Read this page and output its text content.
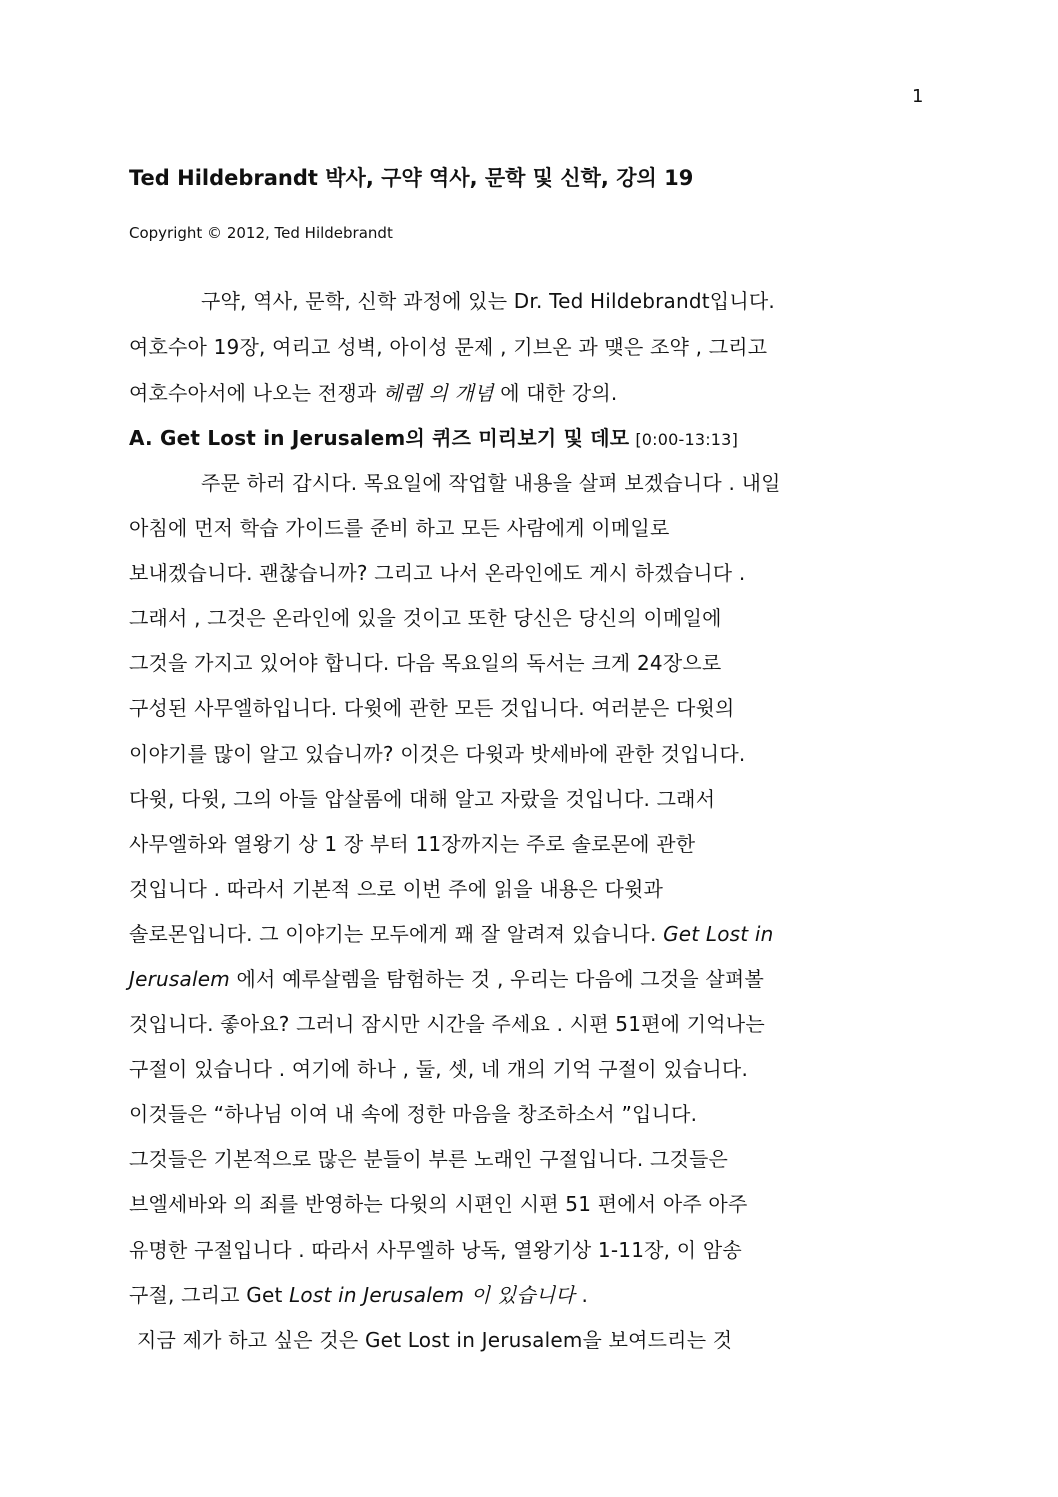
1
Ted Hildebrandt 박사, 구약 역사, 문학 및 신학, 강의 19
Copyright © 2012, Ted Hildebrandt
구약, 역사, 문학, 신학 과정에 있는 Dr. Ted Hildebrandt입니다.
여호수아 19장, 여리고 성벽, 아이성 문제 , 기브온 과 맺은 조약 , 그리고
여호수아서에 나오는 전쟁과 헤렘 의 개념 에 대한 강의.
A. Get Lost in Jerusalem의 퀴즈 미리보기 및 데모 [0:00-13:13]
주문 하러 갑시다. 목요일에 작업할 내용을 살펴 보겠습니다 . 내일
아침에 먼저 학습 가이드를 준비 하고 모든 사람에게 이메일로
보내겠습니다. 괜찮습니까? 그리고 나서 온라인에도 게시 하겠습니다 .
그래서 , 그것은 온라인에 있을 것이고 또한 당신은 당신의 이메일에
그것을 가지고 있어야 합니다. 다음 목요일의 독서는 크게 24장으로
구성된 사무엘하입니다. 다윗에 관한 모든 것입니다. 여러분은 다윗의
이야기를 많이 알고 있습니까? 이것은 다윗과 밧세바에 관한 것입니다.
다윗, 다윗, 그의 아들 압살롬에 대해 알고 자랐을 것입니다. 그래서
사무엘하와 열왕기 상 1 장 부터 11장까지는 주로 솔로몬에 관한
것입니다 . 따라서 기본적 으로 이번 주에 읽을 내용은 다윗과
솔로몬입니다. 그 이야기는 모두에게 꽤 잘 알려져 있습니다. Get Lost in
Jerusalem 에서 예루살렘을 탐험하는 것 , 우리는 다음에 그것을 살펴볼
것입니다. 좋아요? 그러니 잠시만 시간을 주세요 . 시편 51편에 기억나는
구절이 있습니다 . 여기에 하나 , 둘, 셋, 네 개의 기억 구절이 있습니다.
이것들은 “하나님 이여 내 속에 정한 마음을 창조하소서 ”입니다.
그것들은 기본적으로 많은 분들이 부른 노래인 구절입니다. 그것들은
브엘세바와 의 죄를 반영하는 다윗의 시편인 시편 51 편에서 아주 아주
유명한 구절입니다 . 따라서 사무엘하 낭독, 열왕기상 1-11장, 이 암송
구절, 그리고 Get Lost in Jerusalem 이 있습니다 .
지금 제가 하고 싶은 것은 Get Lost in Jerusalem을 보여드리는 것
